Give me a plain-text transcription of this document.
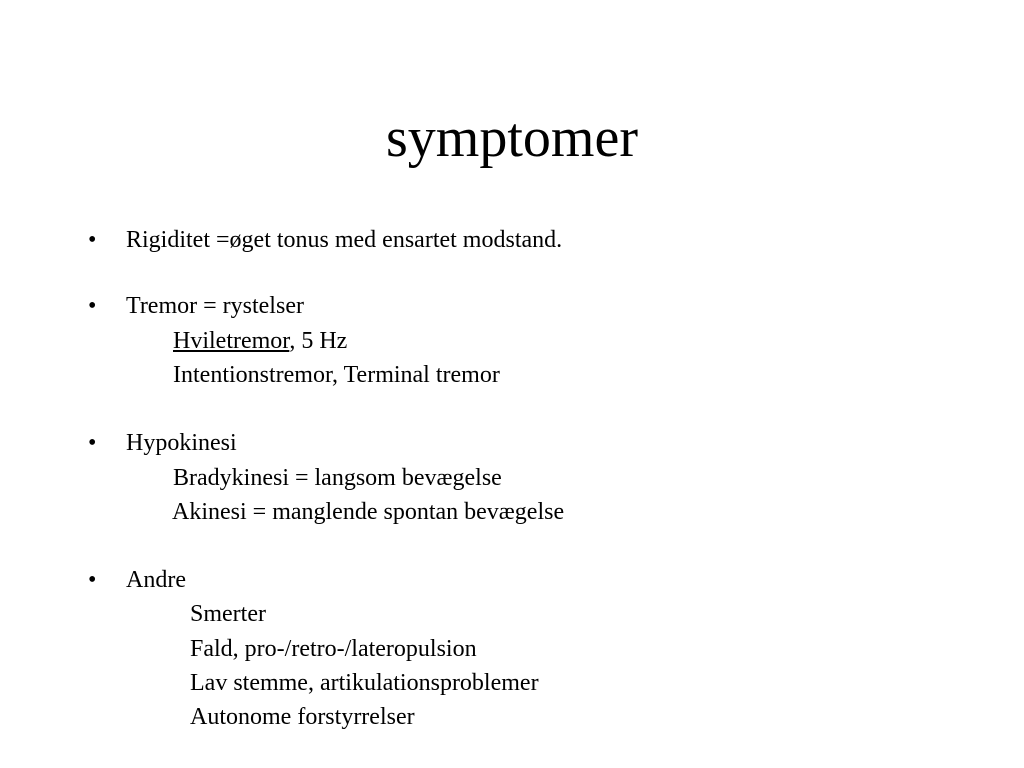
symptomer
• Rigiditet =øget tonus med ensartet modstand.
• Tremor = rystelser
Hviletremor, 5 Hz
Intentionstremor, Terminal tremor
• Hypokinesi
Bradykinesi = langsom bevægelse
Akinesi = manglende spontan bevægelse
• Andre
Smerter
Fald, pro-/retro-/lateropulsion
Lav stemme, artikulationsproblemer
Autonome forstyrrelser
